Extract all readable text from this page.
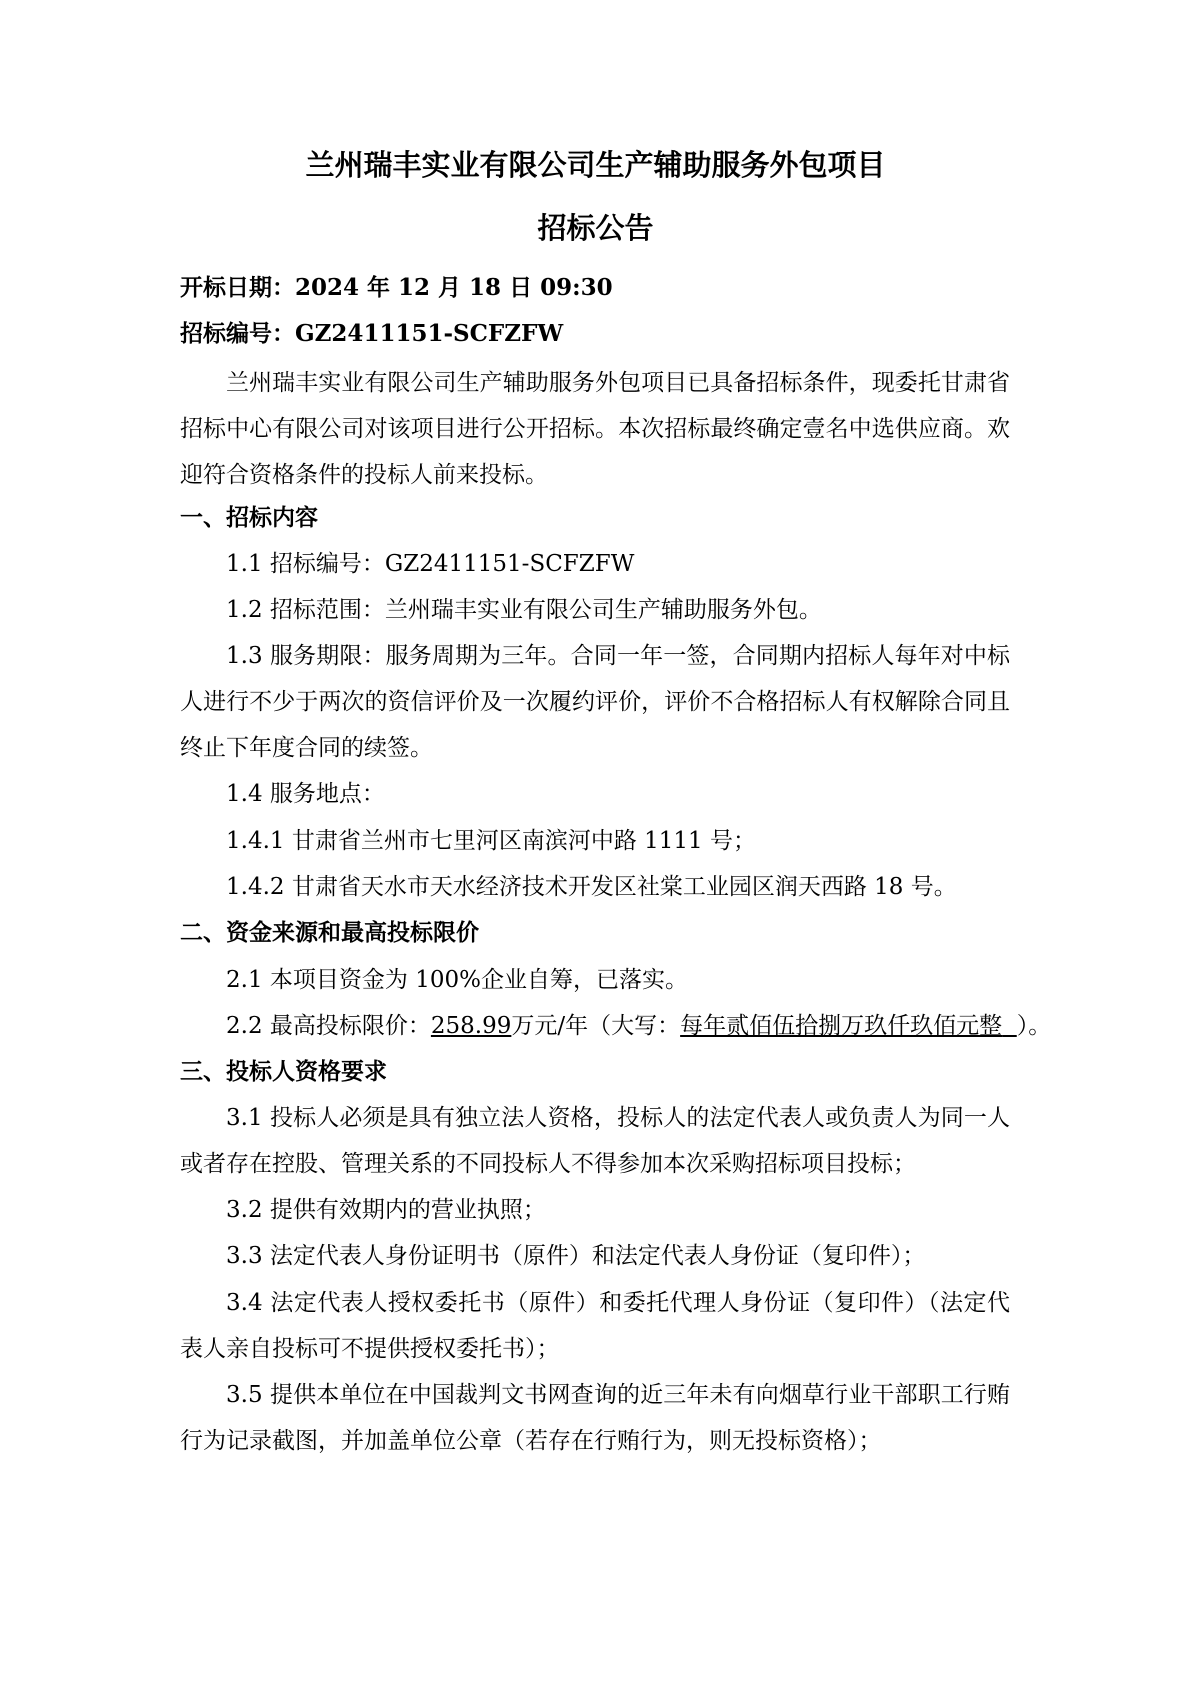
兰州瑞丰实业有限公司生产辅助服务外包项目
招标公告
开标日期：2024 年 12 月 18 日 09:30
招标编号：GZ2411151-SCFZFW
兰州瑞丰实业有限公司生产辅助服务外包项目已具备招标条件，现委托甘肃省招标中心有限公司对该项目进行公开招标。本次招标最终确定壹名中选供应商。欢迎符合资格条件的投标人前来投标。
一、招标内容
1.1 招标编号：GZ2411151-SCFZFW
1.2 招标范围：兰州瑞丰实业有限公司生产辅助服务外包。
1.3 服务期限：服务周期为三年。合同一年一签，合同期内招标人每年对中标人进行不少于两次的资信评价及一次履约评价，评价不合格招标人有权解除合同且终止下年度合同的续签。
1.4 服务地点：
1.4.1 甘肃省兰州市七里河区南滨河中路 1111 号；
1.4.2 甘肃省天水市天水经济技术开发区社棠工业园区润天西路 18 号。
二、资金来源和最高投标限价
2.1 本项目资金为 100%企业自筹，已落实。
2.2 最高投标限价：258.99万元/年（大写：每年贰佰伍拾捌万玖仟玖佰元整 ）。
三、投标人资格要求
3.1 投标人必须是具有独立法人资格，投标人的法定代表人或负责人为同一人或者存在控股、管理关系的不同投标人不得参加本次采购招标项目投标；
3.2 提供有效期内的营业执照；
3.3 法定代表人身份证明书（原件）和法定代表人身份证（复印件）；
3.4 法定代表人授权委托书（原件）和委托代理人身份证（复印件）（法定代表人亲自投标可不提供授权委托书）；
3.5 提供本单位在中国裁判文书网查询的近三年未有向烟草行业干部职工行贿行为记录截图，并加盖单位公章（若存在行贿行为，则无投标资格）；
